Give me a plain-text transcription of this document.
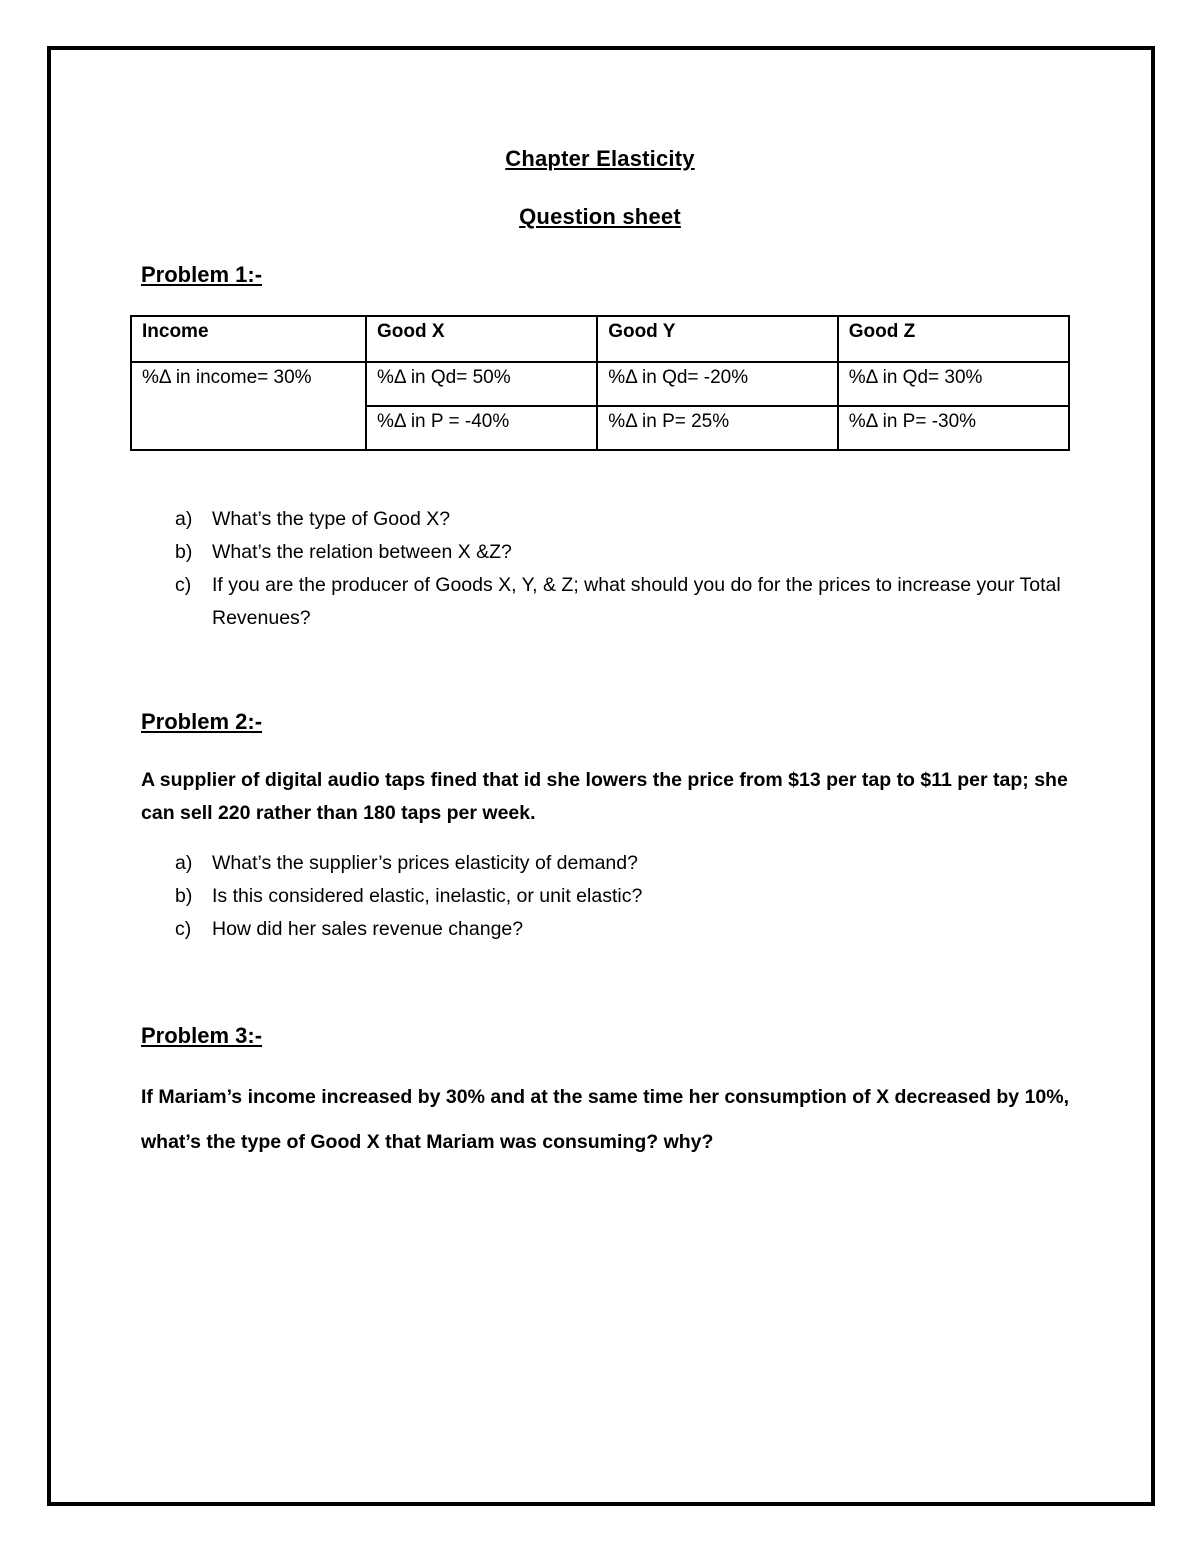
Chapter Elasticity
Question sheet
Problem 1:-
Income	Good X	Good Y	Good Z
%Δ in income= 30%	%Δ in Qd= 50%	%Δ in Qd= -20%	%Δ in Qd= 30%
	%Δ in P = -40%	%Δ in P= 25%	%Δ in P= -30%
a) What’s the type of Good X?
b) What’s the relation between X &Z?
c) If you are the producer of Goods X, Y, & Z; what should you do for the prices to increase your Total Revenues?
Problem 2:-
A supplier of digital audio taps fined that id she lowers the price from $13 per tap to $11 per tap; she can sell 220 rather than 180 taps per week.
a) What’s the supplier’s prices elasticity of demand?
b) Is this considered elastic, inelastic, or unit elastic?
c) How did her sales revenue change?
Problem 3:-
If Mariam’s income increased by 30% and at the same time her consumption of X decreased by 10%, what’s the type of Good X that Mariam was consuming? why?
